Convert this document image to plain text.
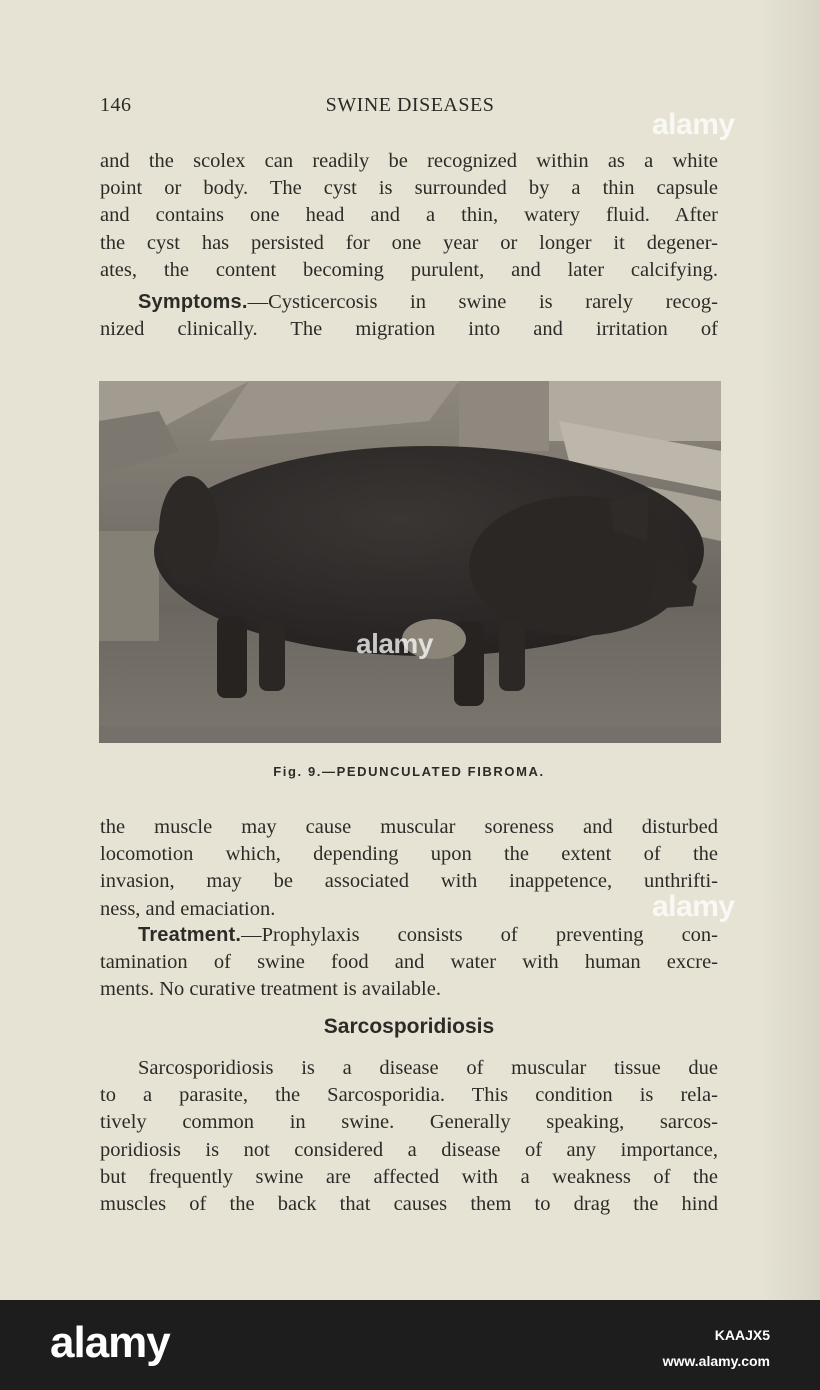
146	SWINE DISEASES
and the scolex can readily be recognized within as a white
point or body. The cyst is surrounded by a thin capsule
and contains one head and a thin, watery fluid. After
the cyst has persisted for one year or longer it degener-
ates, the content becoming purulent, and later calcifying.
Symptoms.—Cysticercosis in swine is rarely recog-
nized clinically. The migration into and irritation of
Fig. 9.—PEDUNCULATED FIBROMA.
the muscle may cause muscular soreness and disturbed
locomotion which, depending upon the extent of the
invasion, may be associated with inappetence, unthrifti-
ness, and emaciation.
Treatment.—Prophylaxis consists of preventing con-
tamination of swine food and water with human excre-
ments. No curative treatment is available.
Sarcosporidiosis
Sarcosporidiosis is a disease of muscular tissue due
to a parasite, the Sarcosporidia. This condition is rela-
tively common in swine. Generally speaking, sarcos-
poridiosis is not considered a disease of any importance,
but frequently swine are affected with a weakness of the
muscles of the back that causes them to drag the hind
alamy
alamy
alamy
alamy	KAAJX5
www.alamy.com
